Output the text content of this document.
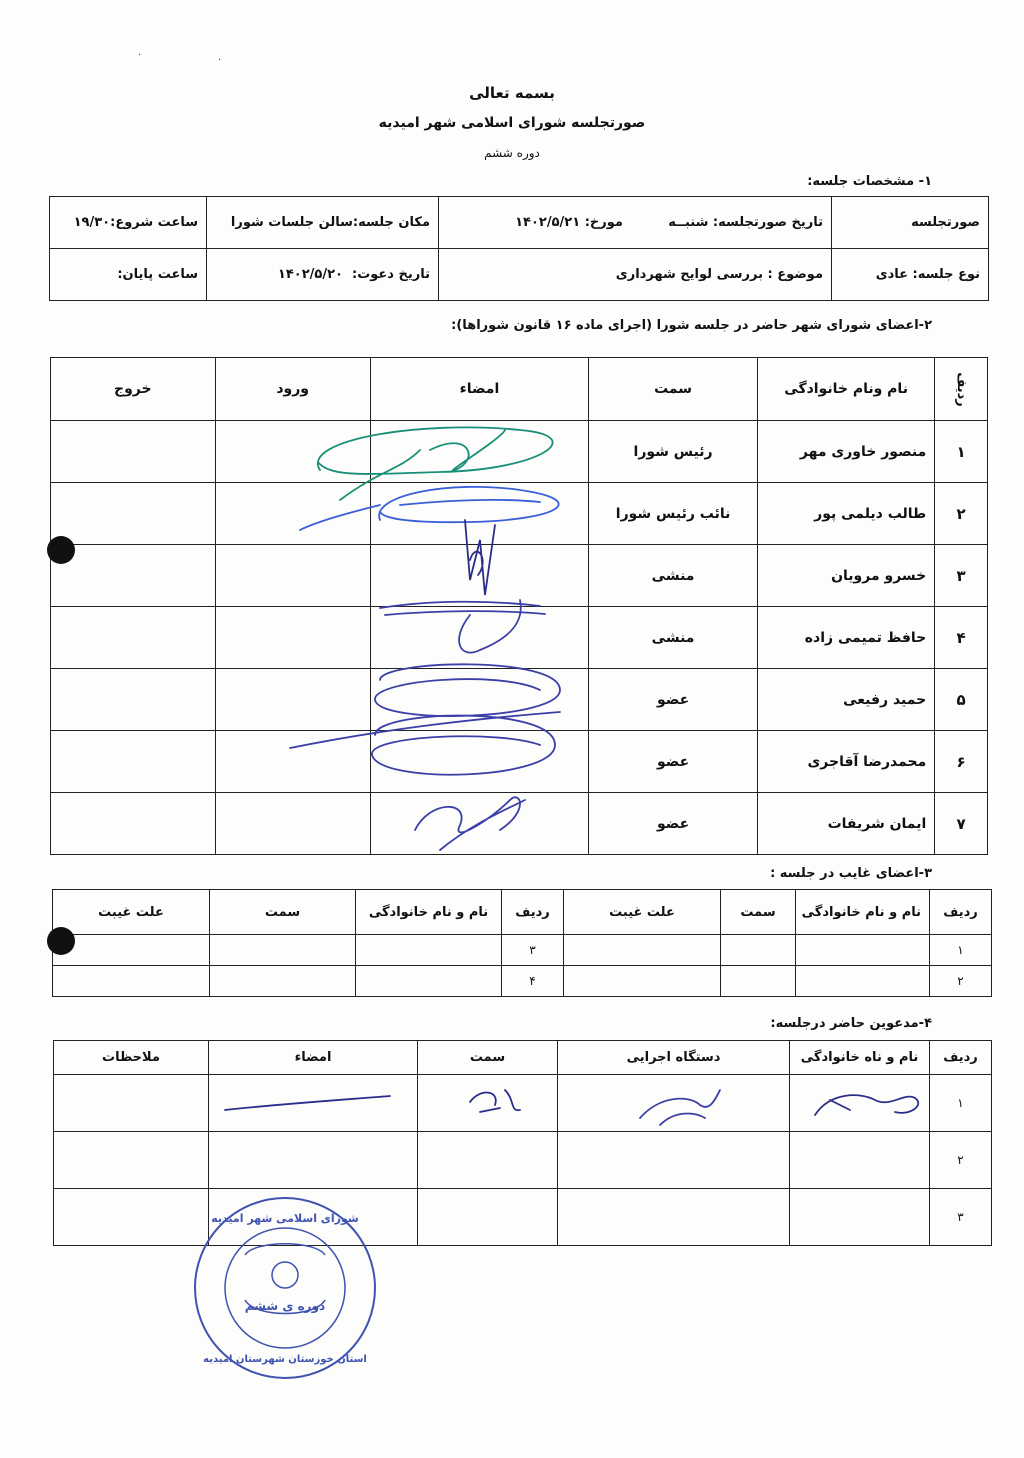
·	·
بسمه تعالی
صورتجلسه شورای اسلامی شهر امیدیه
دوره ششم
۱- مشخصات جلسه:
صورتجلسه	تاریخ صورتجلسه: شنبــه          مورخ: ۱۴۰۲/۵/۲۱	مکان جلسه:سالن جلسات شورا	ساعت شروع:۱۹/۳۰
نوع جلسه: عادی	موضوع : بررسی لوایح شهرداری	تاریخ دعوت:  ۱۴۰۲/۵/۲۰	ساعت پایان:
۲-اعضای شورای شهر حاضر در جلسه شورا (اجرای ماده ۱۶ قانون شوراها):
ردیف	نام ونام خانوادگی	سمت	امضاء	ورود	خروج
۱	منصور خاوری مهر	رئیس شورا			
۲	طالب دیلمی پور	نائب رئیس شورا			
۳	خسرو مرویان	منشی			
۴	حافظ تمیمی زاده	منشی			
۵	حمید رفیعی	عضو			
۶	محمدرضا آقاجری	عضو			
۷	ایمان شریفات	عضو			
۳-اعضای غایب در جلسه :
ردیف	نام و نام خانوادگی	سمت	علت غیبت	ردیف	نام و نام خانوادگی	سمت	علت غیبت
۱				۳			
۲				۴			
۴-مدعوین حاضر درجلسه:
ردیف	نام و ناه خانوادگی	دستگاه اجرایی	سمت	امضاء	ملاحظات
۱					
۲					
۳					
شورای اسلامی شهر امیدیه
دوره ی ششم
استان خوزستان شهرستان امیدیه
